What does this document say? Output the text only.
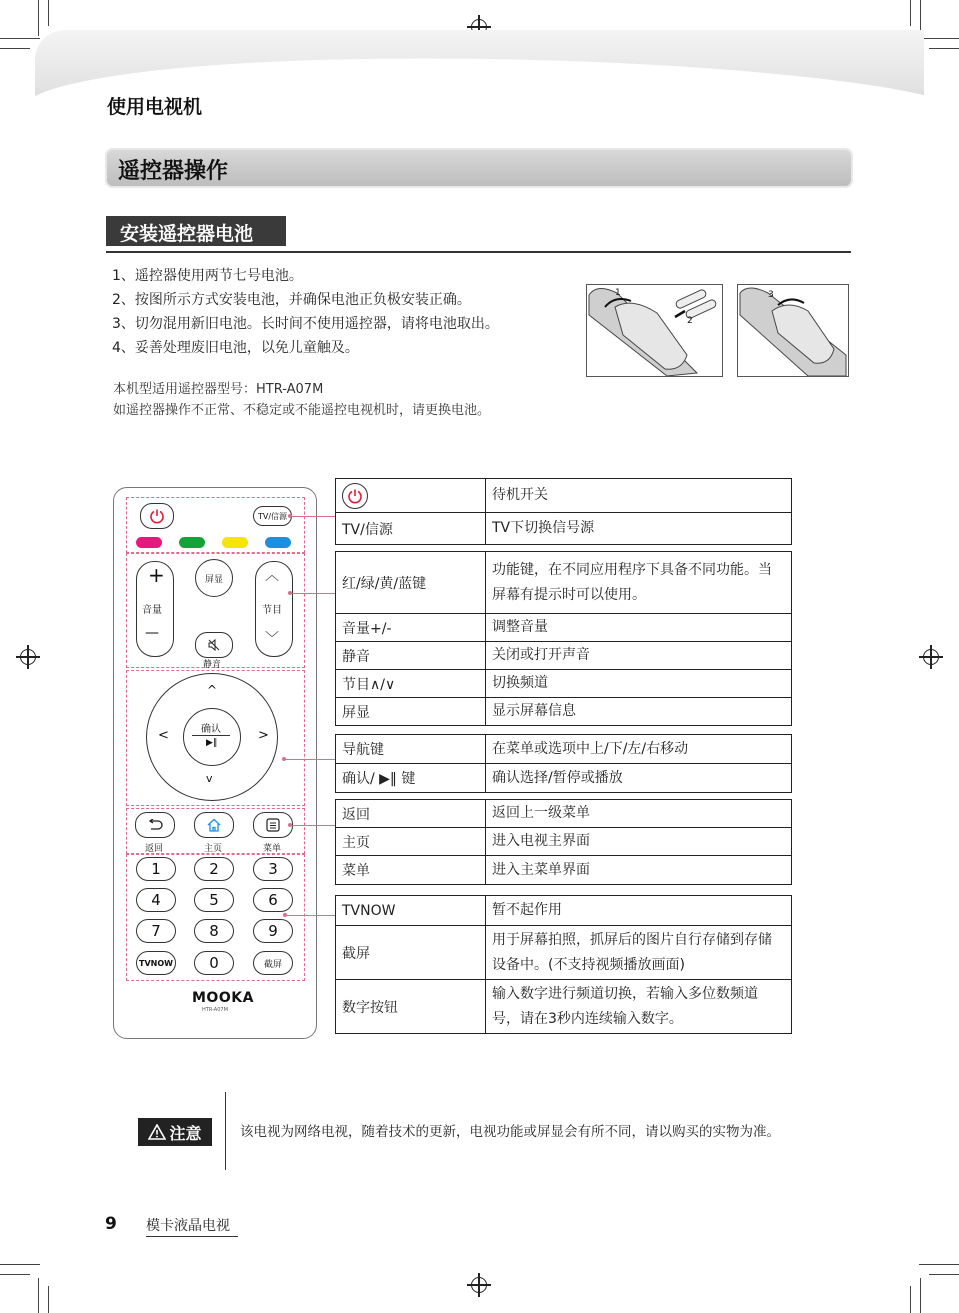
使用电视机
遥控器操作
安装遥控器电池
1、遥控器使用两节七号电池。
2、按图所示方式安装电池，并确保电池正负极安装正确。
3、切勿混用新旧电池。长时间不使用遥控器，请将电池取出。
4、妥善处理废旧电池，以免儿童触及。
本机型适用遥控器型号：HTR-A07M
如遥控器操作不正常、不稳定或不能遥控电视机时，请更换电池。
1
2
3
TV/信源
+
音量
—
屏显
静音
︿
节目
﹀
^
v
<	>
确认
▶‖
返回	主页	菜单
1	2	3
4	5	6
7	8	9
TVNOW	0	截屏
MOOKA
HTR-A07M
	待机开关
TV/信源	TV下切换信号源
红/绿/黄/蓝键	功能键，在不同应用程序下具备不同功能。当屏幕有提示时可以使用。
音量+/-	调整音量
静音	关闭或打开声音
节目∧/∨	切换频道
屏显	显示屏幕信息
导航键	在菜单或选项中上/下/左/右移动
确认/ ▶‖ 键	确认选择/暂停或播放
返回	返回上一级菜单
主页	进入电视主界面
菜单	进入主菜单界面
TVNOW	暂不起作用
截屏	用于屏幕拍照，抓屏后的图片自行存储到存储设备中。(不支持视频播放画面)
数字按钮	输入数字进行频道切换，若输入多位数频道号，请在3秒内连续输入数字。
注意	该电视为网络电视，随着技术的更新，电视功能或屏显会有所不同，请以购买的实物为准。
9 模卡液晶电视
